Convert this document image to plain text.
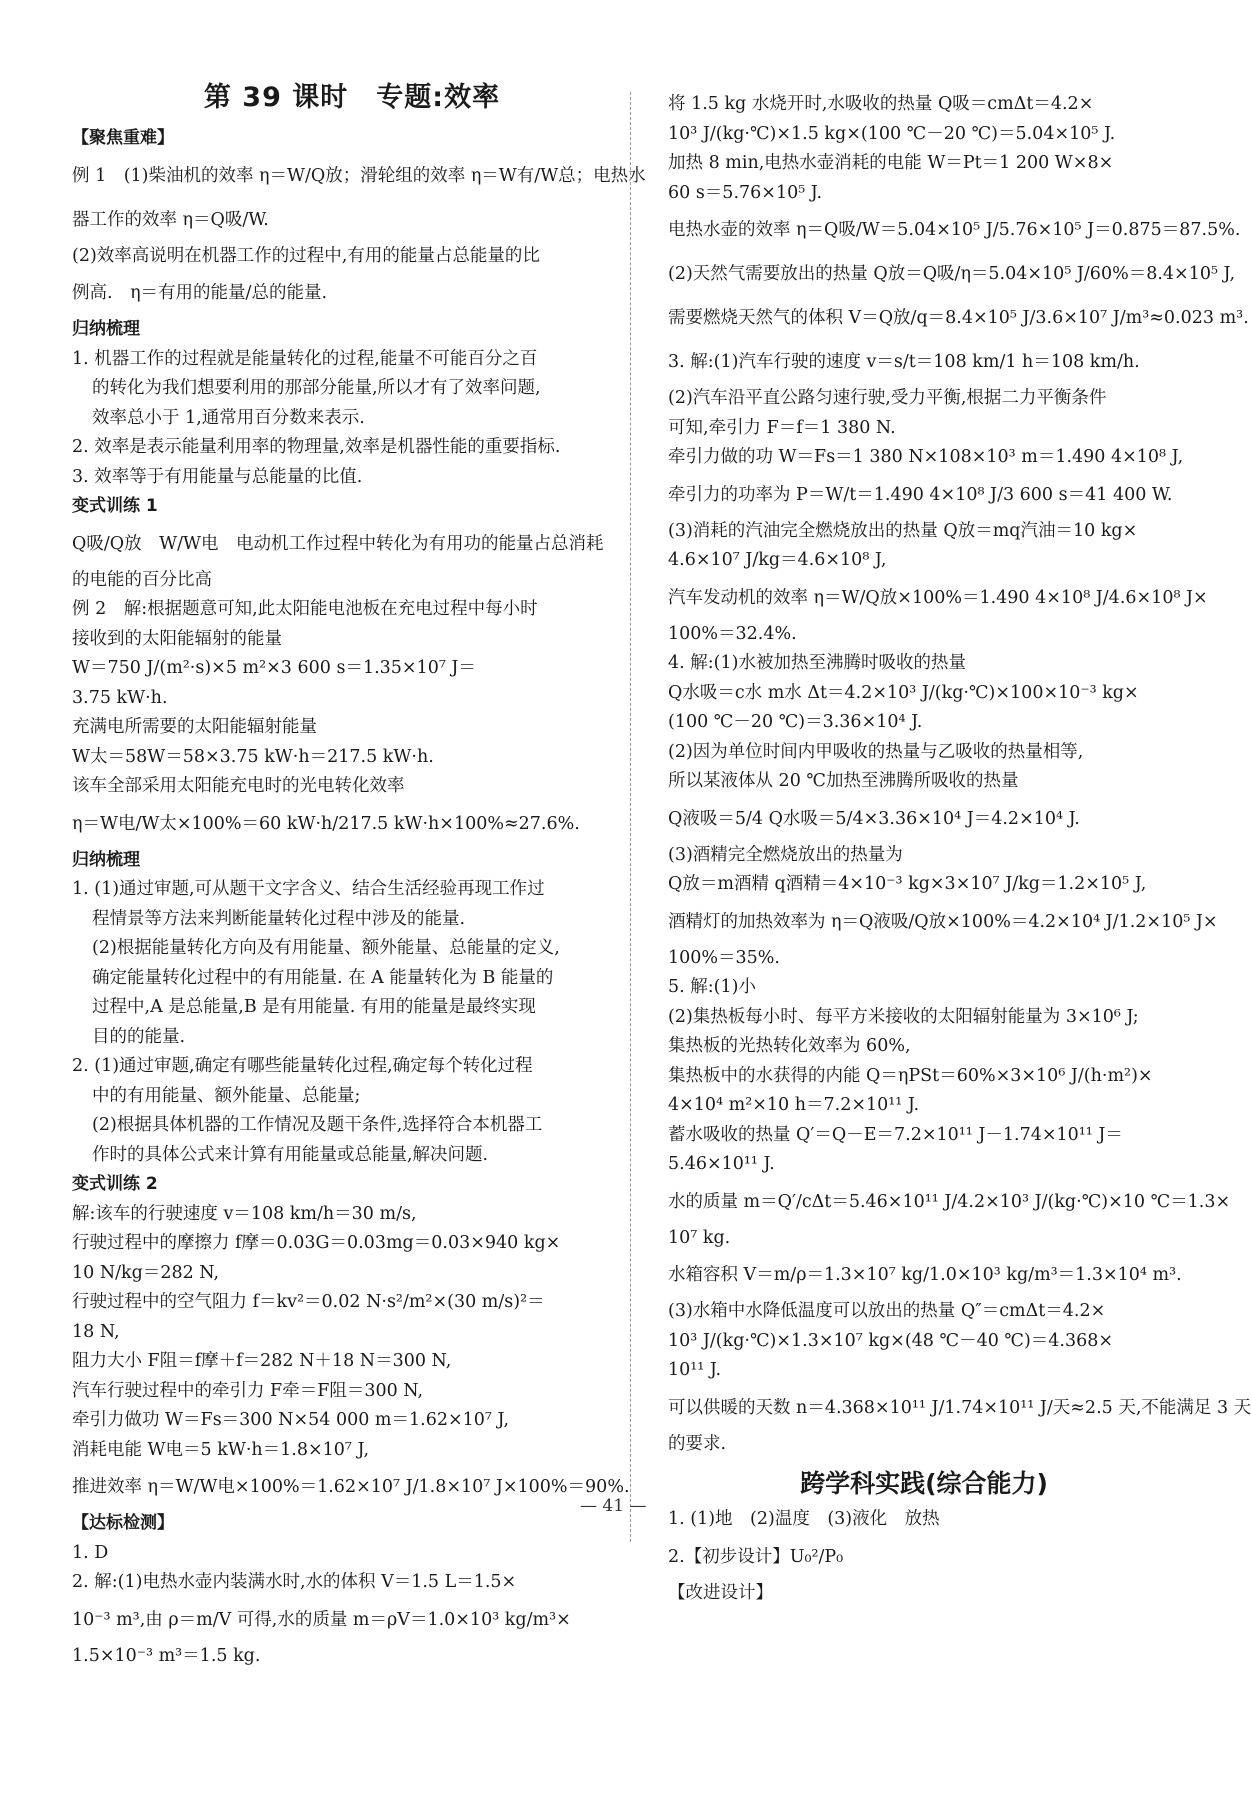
第 39 课时　专题:效率
【聚焦重难】
例 1　(1)柴油机的效率 η＝W/Q放；滑轮组的效率 η＝W有/W总；电热水
器工作的效率 η＝Q吸/W.
(2)效率高说明在机器工作的过程中,有用的能量占总能量的比
例高.　η＝有用的能量/总的能量.
归纳梳理
1. 机器工作的过程就是能量转化的过程,能量不可能百分之百
的转化为我们想要利用的那部分能量,所以才有了效率问题,
效率总小于 1,通常用百分数来表示.
2. 效率是表示能量利用率的物理量,效率是机器性能的重要指标.
3. 效率等于有用能量与总能量的比值.
变式训练 1
Q吸/Q放　W/W电　电动机工作过程中转化为有用功的能量占总消耗
的电能的百分比高
例 2　解:根据题意可知,此太阳能电池板在充电过程中每小时
接收到的太阳能辐射的能量
W＝750 J/(m²·s)×5 m²×3 600 s＝1.35×10⁷ J＝
3.75 kW·h.
充满电所需要的太阳能辐射能量
W太＝58W＝58×3.75 kW·h＝217.5 kW·h.
该车全部采用太阳能充电时的光电转化效率
η＝W电/W太×100%＝60 kW·h/217.5 kW·h×100%≈27.6%.
归纳梳理
1. (1)通过审题,可从题干文字含义、结合生活经验再现工作过
程情景等方法来判断能量转化过程中涉及的能量.
(2)根据能量转化方向及有用能量、额外能量、总能量的定义,
确定能量转化过程中的有用能量. 在 A 能量转化为 B 能量的
过程中,A 是总能量,B 是有用能量. 有用的能量是最终实现
目的的能量.
2. (1)通过审题,确定有哪些能量转化过程,确定每个转化过程
中的有用能量、额外能量、总能量;
(2)根据具体机器的工作情况及题干条件,选择符合本机器工
作时的具体公式来计算有用能量或总能量,解决问题.
变式训练 2
解:该车的行驶速度 v＝108 km/h＝30 m/s,
行驶过程中的摩擦力 f摩＝0.03G＝0.03mg＝0.03×940 kg×
10 N/kg＝282 N,
行驶过程中的空气阻力 f＝kv²＝0.02 N·s²/m²×(30 m/s)²＝
18 N,
阻力大小 F阻＝f摩＋f＝282 N＋18 N＝300 N,
汽车行驶过程中的牵引力 F牵＝F阻＝300 N,
牵引力做功 W＝Fs＝300 N×54 000 m＝1.62×10⁷ J,
消耗电能 W电＝5 kW·h＝1.8×10⁷ J,
推进效率 η＝W/W电×100%＝1.62×10⁷ J/1.8×10⁷ J×100%＝90%.
【达标检测】
1. D
2. 解:(1)电热水壶内装满水时,水的体积 V＝1.5 L＝1.5×
10⁻³ m³,由 ρ＝m/V 可得,水的质量 m＝ρV＝1.0×10³ kg/m³×
1.5×10⁻³ m³＝1.5 kg.
将 1.5 kg 水烧开时,水吸收的热量 Q吸＝cmΔt＝4.2×
10³ J/(kg·℃)×1.5 kg×(100 ℃－20 ℃)＝5.04×10⁵ J.
加热 8 min,电热水壶消耗的电能 W＝Pt＝1 200 W×8×
60 s＝5.76×10⁵ J.
电热水壶的效率 η＝Q吸/W＝5.04×10⁵ J/5.76×10⁵ J＝0.875＝87.5%.
(2)天然气需要放出的热量 Q放＝Q吸/η＝5.04×10⁵ J/60%＝8.4×10⁵ J,
需要燃烧天然气的体积 V＝Q放/q＝8.4×10⁵ J/3.6×10⁷ J/m³≈0.023 m³.
3. 解:(1)汽车行驶的速度 v＝s/t＝108 km/1 h＝108 km/h.
(2)汽车沿平直公路匀速行驶,受力平衡,根据二力平衡条件
可知,牵引力 F＝f＝1 380 N.
牵引力做的功 W＝Fs＝1 380 N×108×10³ m＝1.490 4×10⁸ J,
牵引力的功率为 P＝W/t＝1.490 4×10⁸ J/3 600 s＝41 400 W.
(3)消耗的汽油完全燃烧放出的热量 Q放＝mq汽油＝10 kg×
4.6×10⁷ J/kg＝4.6×10⁸ J,
汽车发动机的效率 η＝W/Q放×100%＝1.490 4×10⁸ J/4.6×10⁸ J×
100%＝32.4%.
4. 解:(1)水被加热至沸腾时吸收的热量
Q水吸＝c水 m水 Δt＝4.2×10³ J/(kg·℃)×100×10⁻³ kg×
(100 ℃－20 ℃)＝3.36×10⁴ J.
(2)因为单位时间内甲吸收的热量与乙吸收的热量相等,
所以某液体从 20 ℃加热至沸腾所吸收的热量
Q液吸＝5/4 Q水吸＝5/4×3.36×10⁴ J＝4.2×10⁴ J.
(3)酒精完全燃烧放出的热量为
Q放＝m酒精 q酒精＝4×10⁻³ kg×3×10⁷ J/kg＝1.2×10⁵ J,
酒精灯的加热效率为 η＝Q液吸/Q放×100%＝4.2×10⁴ J/1.2×10⁵ J×
100%＝35%.
5. 解:(1)小
(2)集热板每小时、每平方米接收的太阳辐射能量为 3×10⁶ J;
集热板的光热转化效率为 60%,
集热板中的水获得的内能 Q＝ηPSt＝60%×3×10⁶ J/(h·m²)×
4×10⁴ m²×10 h＝7.2×10¹¹ J.
蓄水吸收的热量 Q′＝Q－E＝7.2×10¹¹ J－1.74×10¹¹ J＝
5.46×10¹¹ J.
水的质量 m＝Q′/cΔt＝5.46×10¹¹ J/4.2×10³ J/(kg·℃)×10 ℃＝1.3×
10⁷ kg.
水箱容积 V＝m/ρ＝1.3×10⁷ kg/1.0×10³ kg/m³＝1.3×10⁴ m³.
(3)水箱中水降低温度可以放出的热量 Q″＝cmΔt＝4.2×
10³ J/(kg·℃)×1.3×10⁷ kg×(48 ℃－40 ℃)＝4.368×
10¹¹ J.
可以供暖的天数 n＝4.368×10¹¹ J/1.74×10¹¹ J/天≈2.5 天,不能满足 3 天
的要求.
跨学科实践(综合能力)
1. (1)地　(2)温度　(3)液化　放热
2.【初步设计】U₀²/P₀
【改进设计】
— 41 —
